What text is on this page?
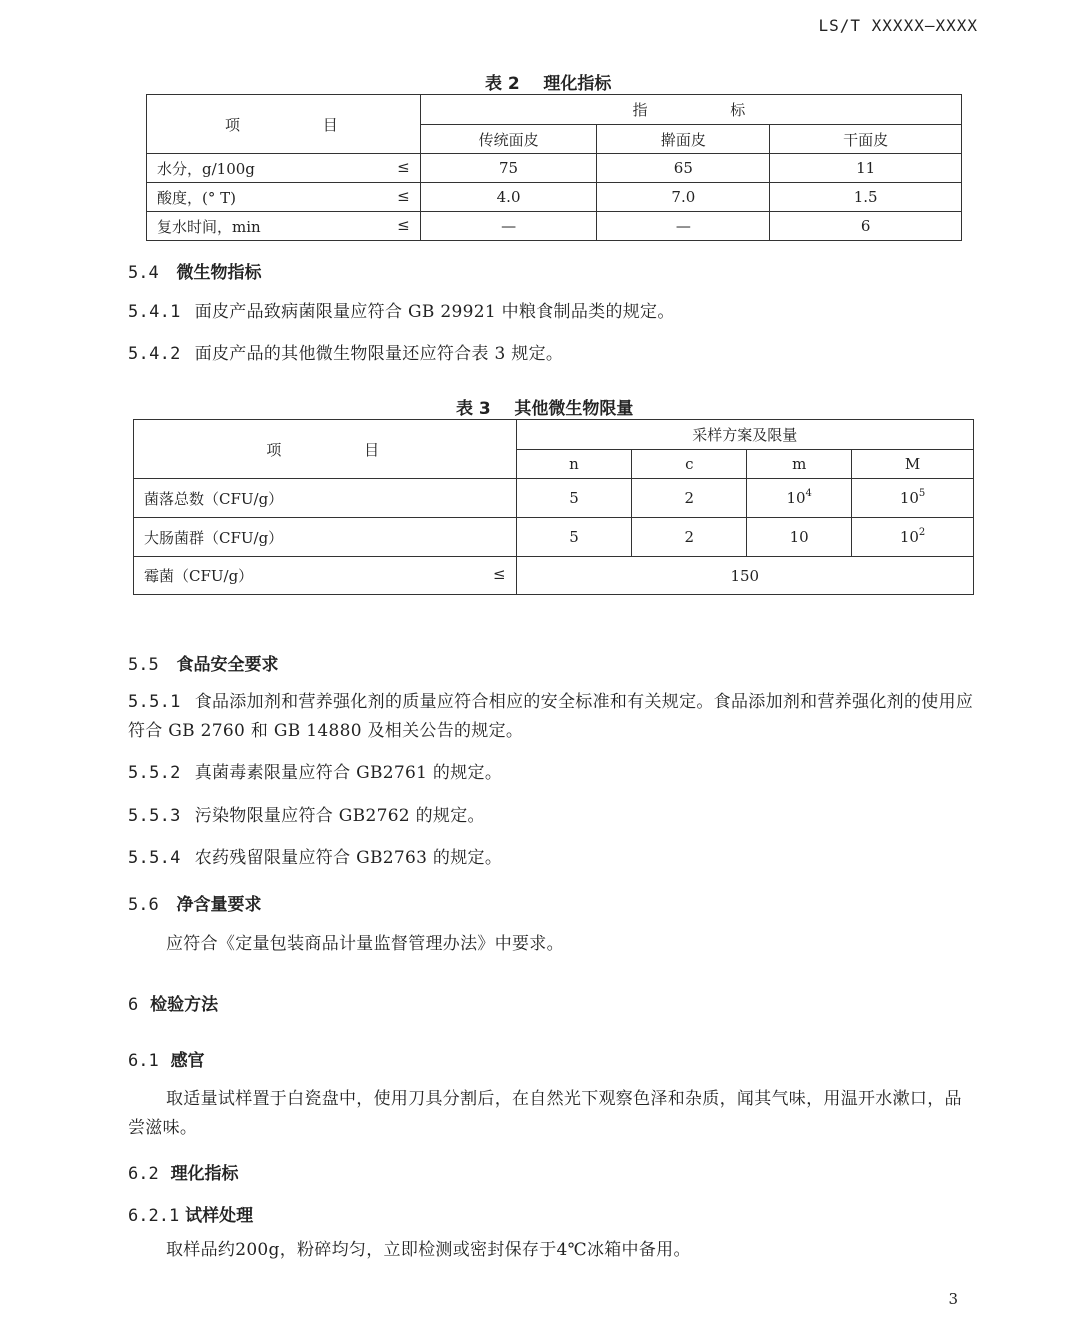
LS/T XXXXX—XXXX
表 2    理化指标
项 目	指 标		
	传统面皮	擀面皮	干面皮
水分，g/100g ≤	75	65	11
酸度，(° T) ≤	4.0	7.0	1.5
复水时间，min ≤	—	—	6
5.4 微生物指标
5.4.1 面皮产品致病菌限量应符合 GB 29921 中粮食制品类的规定。
5.4.2 面皮产品的其他微生物限量还应符合表 3 规定。
表 3    其他微生物限量
项 目	采样方案及限量			
	n	c	m	M
菌落总数（CFU/g）	5	2	$10^4$	$10^5$
大肠菌群（CFU/g）	5	2	10	$10^2$
霉菌（CFU/g） ≤	150			
5.5 食品安全要求
5.5.1 食品添加剂和营养强化剂的质量应符合相应的安全标准和有关规定。食品添加剂和营养强化剂的使用应符合 GB 2760 和 GB 14880 及相关公告的规定。
5.5.2 真菌毒素限量应符合 GB2761 的规定。
5.5.3 污染物限量应符合 GB2762 的规定。
5.5.4 农药残留限量应符合 GB2763 的规定。
5.6 净含量要求
应符合《定量包装商品计量监督管理办法》中要求。
6 检验方法
6.1 感官
取适量试样置于白瓷盘中，使用刀具分割后，在自然光下观察色泽和杂质，闻其气味，用温开水漱口，品尝滋味。
6.2 理化指标
6.2.1 试样处理
取样品约200g，粉碎均匀，立即检测或密封保存于4℃冰箱中备用。
3
